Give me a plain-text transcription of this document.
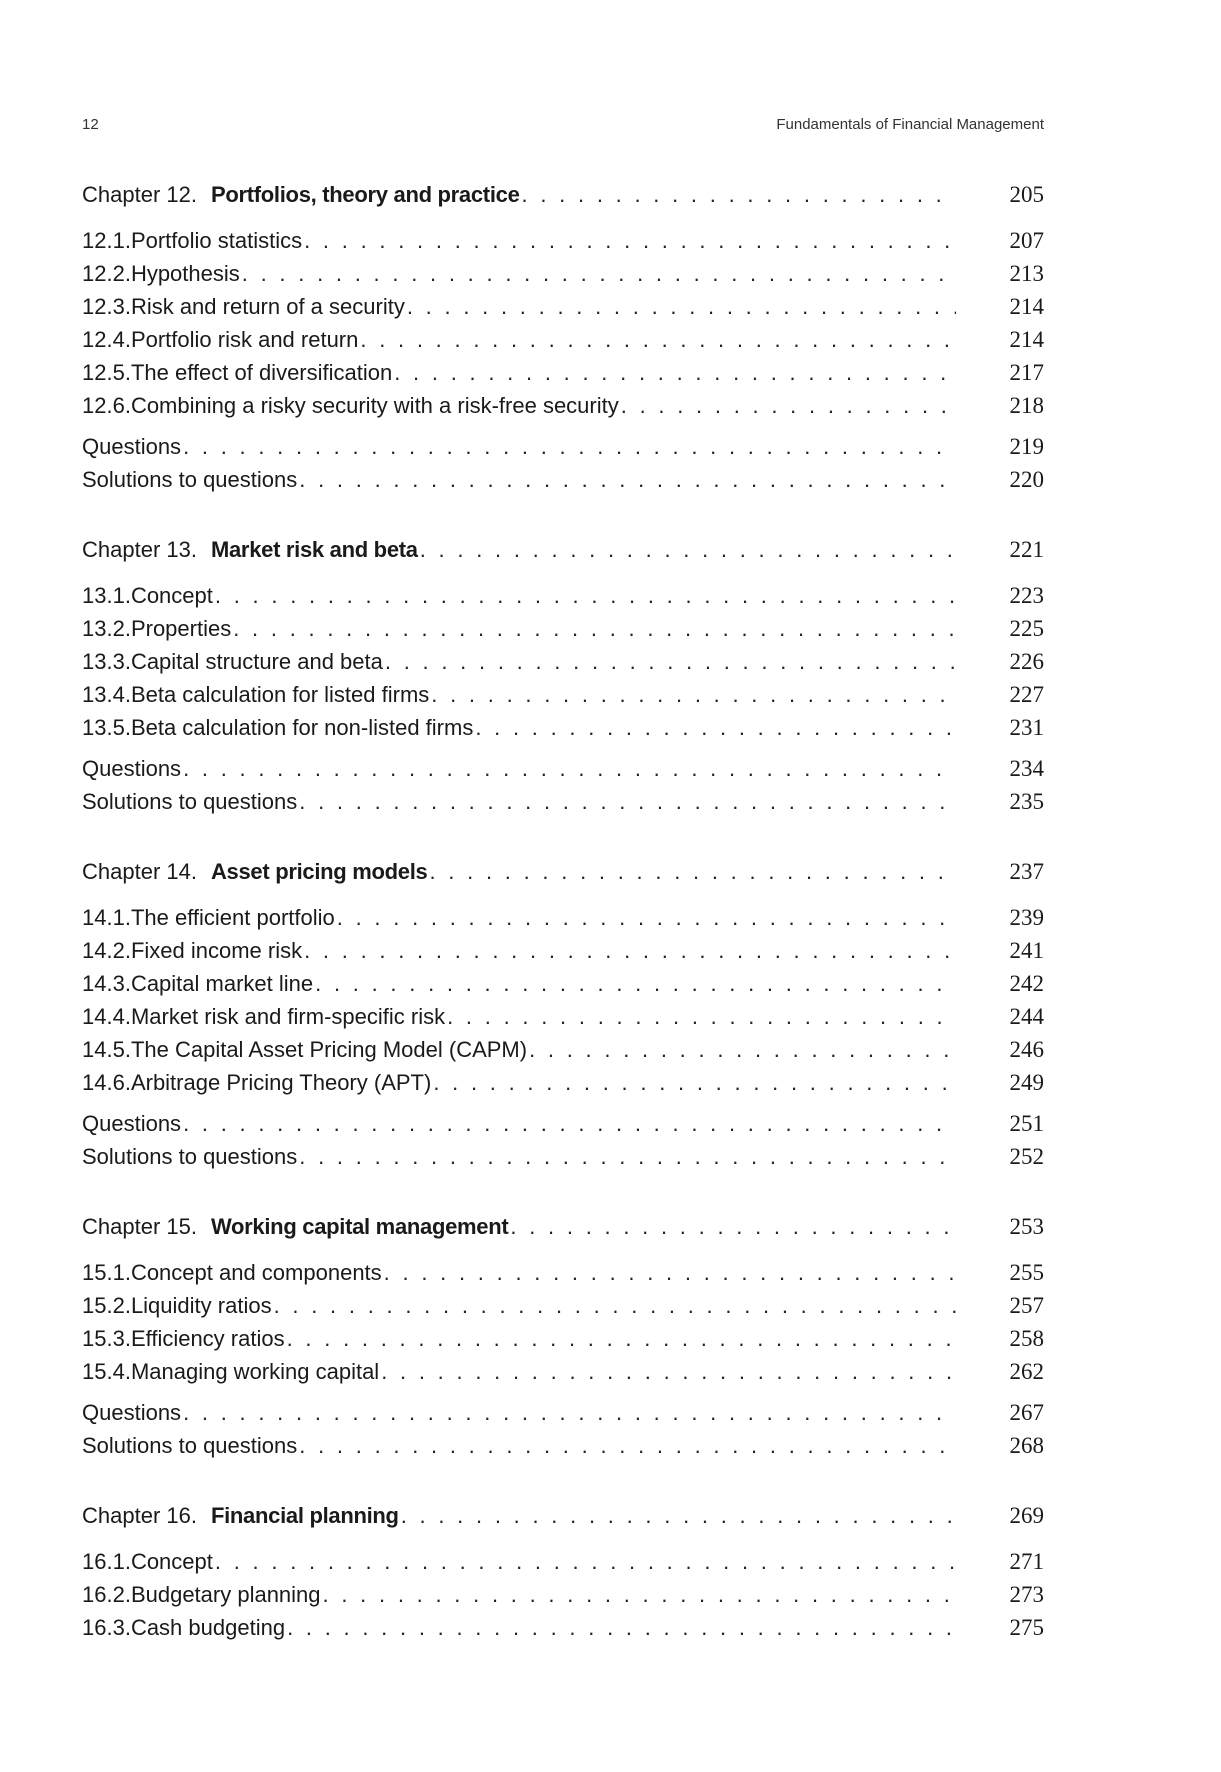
12	Fundamentals of Financial Management
Chapter 12. Portfolios, theory and practice . . .	205
12.1. Portfolio statistics . . .	207
12.2. Hypothesis . . .	213
12.3. Risk and return of a security . . .	214
12.4. Portfolio risk and return . . .	214
12.5. The effect of diversification . . .	217
12.6. Combining a risky security with a risk-free security . . .	218
Questions . . .	219
Solutions to questions . . .	220
Chapter 13. Market risk and beta . . .	221
13.1. Concept . . .	223
13.2. Properties . . .	225
13.3. Capital structure and beta . . .	226
13.4. Beta calculation for listed firms . . .	227
13.5. Beta calculation for non-listed firms . . .	231
Questions . . .	234
Solutions to questions . . .	235
Chapter 14. Asset pricing models . . .	237
14.1. The efficient portfolio . . .	239
14.2. Fixed income risk . . .	241
14.3. Capital market line . . .	242
14.4. Market risk and firm-specific risk . . .	244
14.5. The Capital Asset Pricing Model (CAPM) . . .	246
14.6. Arbitrage Pricing Theory (APT) . . .	249
Questions . . .	251
Solutions to questions . . .	252
Chapter 15. Working capital management . . .	253
15.1. Concept and components . . .	255
15.2. Liquidity ratios . . .	257
15.3. Efficiency ratios . . .	258
15.4. Managing working capital . . .	262
Questions . . .	267
Solutions to questions . . .	268
Chapter 16. Financial planning . . .	269
16.1. Concept . . .	271
16.2. Budgetary planning . . .	273
16.3. Cash budgeting . . .	275
